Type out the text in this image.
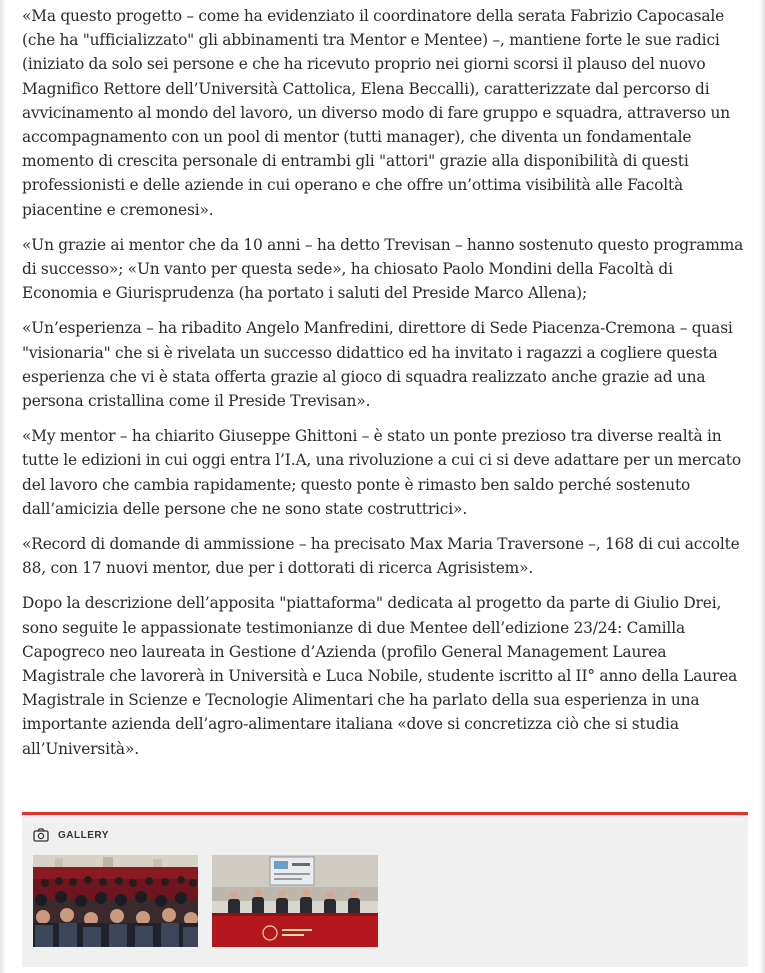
«Ma questo progetto – come ha evidenziato il coordinatore della serata Fabrizio Capocasale (che ha "ufficializzato" gli abbinamenti tra Mentor e Mentee) –, mantiene forte le sue radici (iniziato da solo sei persone e che ha ricevuto proprio nei giorni scorsi il plauso del nuovo Magnifico Rettore dell’Università Cattolica, Elena Beccalli), caratterizzate dal percorso di avvicinamento al mondo del lavoro, un diverso modo di fare gruppo e squadra, attraverso un accompagnamento con un pool di mentor (tutti manager), che diventa un fondamentale momento di crescita personale di entrambi gli "attori" grazie alla disponibilità di questi professionisti e delle aziende in cui operano e che offre un’ottima visibilità alle Facoltà piacentine e cremonesi».

«Un grazie ai mentor che da 10 anni – ha detto Trevisan – hanno sostenuto questo programma di successo»; «Un vanto per questa sede», ha chiosato Paolo Mondini della Facoltà di Economia e Giurisprudenza (ha portato i saluti del Preside Marco Allena);

«Un’esperienza – ha ribadito Angelo Manfredini, direttore di Sede Piacenza-Cremona – quasi "visionaria" che si è rivelata un successo didattico ed ha invitato i ragazzi a cogliere questa esperienza che vi è stata offerta grazie al gioco di squadra realizzato anche grazie ad una persona cristallina come il Preside Trevisan».

«My mentor – ha chiarito Giuseppe Ghittoni – è stato un ponte prezioso tra diverse realtà in tutte le edizioni in cui oggi entra l’I.A, una rivoluzione a cui ci si deve adattare per un mercato del lavoro che cambia rapidamente; questo ponte è rimasto ben saldo perché sostenuto dall’amicizia delle persone che ne sono state costruttrici».

«Record di domande di ammissione – ha precisato Max Maria Traversone –, 168 di cui accolte 88, con 17 nuovi mentor, due per i dottorati di ricerca Agrisistem».

Dopo la descrizione dell’apposita "piattaforma" dedicata al progetto da parte di Giulio Drei, sono seguite le appassionate testimonianze di due Mentee dell’edizione 23/24: Camilla Capogreco neo laureata in Gestione d’Azienda (profilo General Management Laurea Magistrale che lavorerà in Università e Luca Nobile, studente iscritto al II° anno della Laurea Magistrale in Scienze e Tecnologie Alimentari che ha parlato della sua esperienza in una importante azienda dell’agro-alimentare italiana «dove si concretizza ciò che si studia all’Università».

GALLERY
